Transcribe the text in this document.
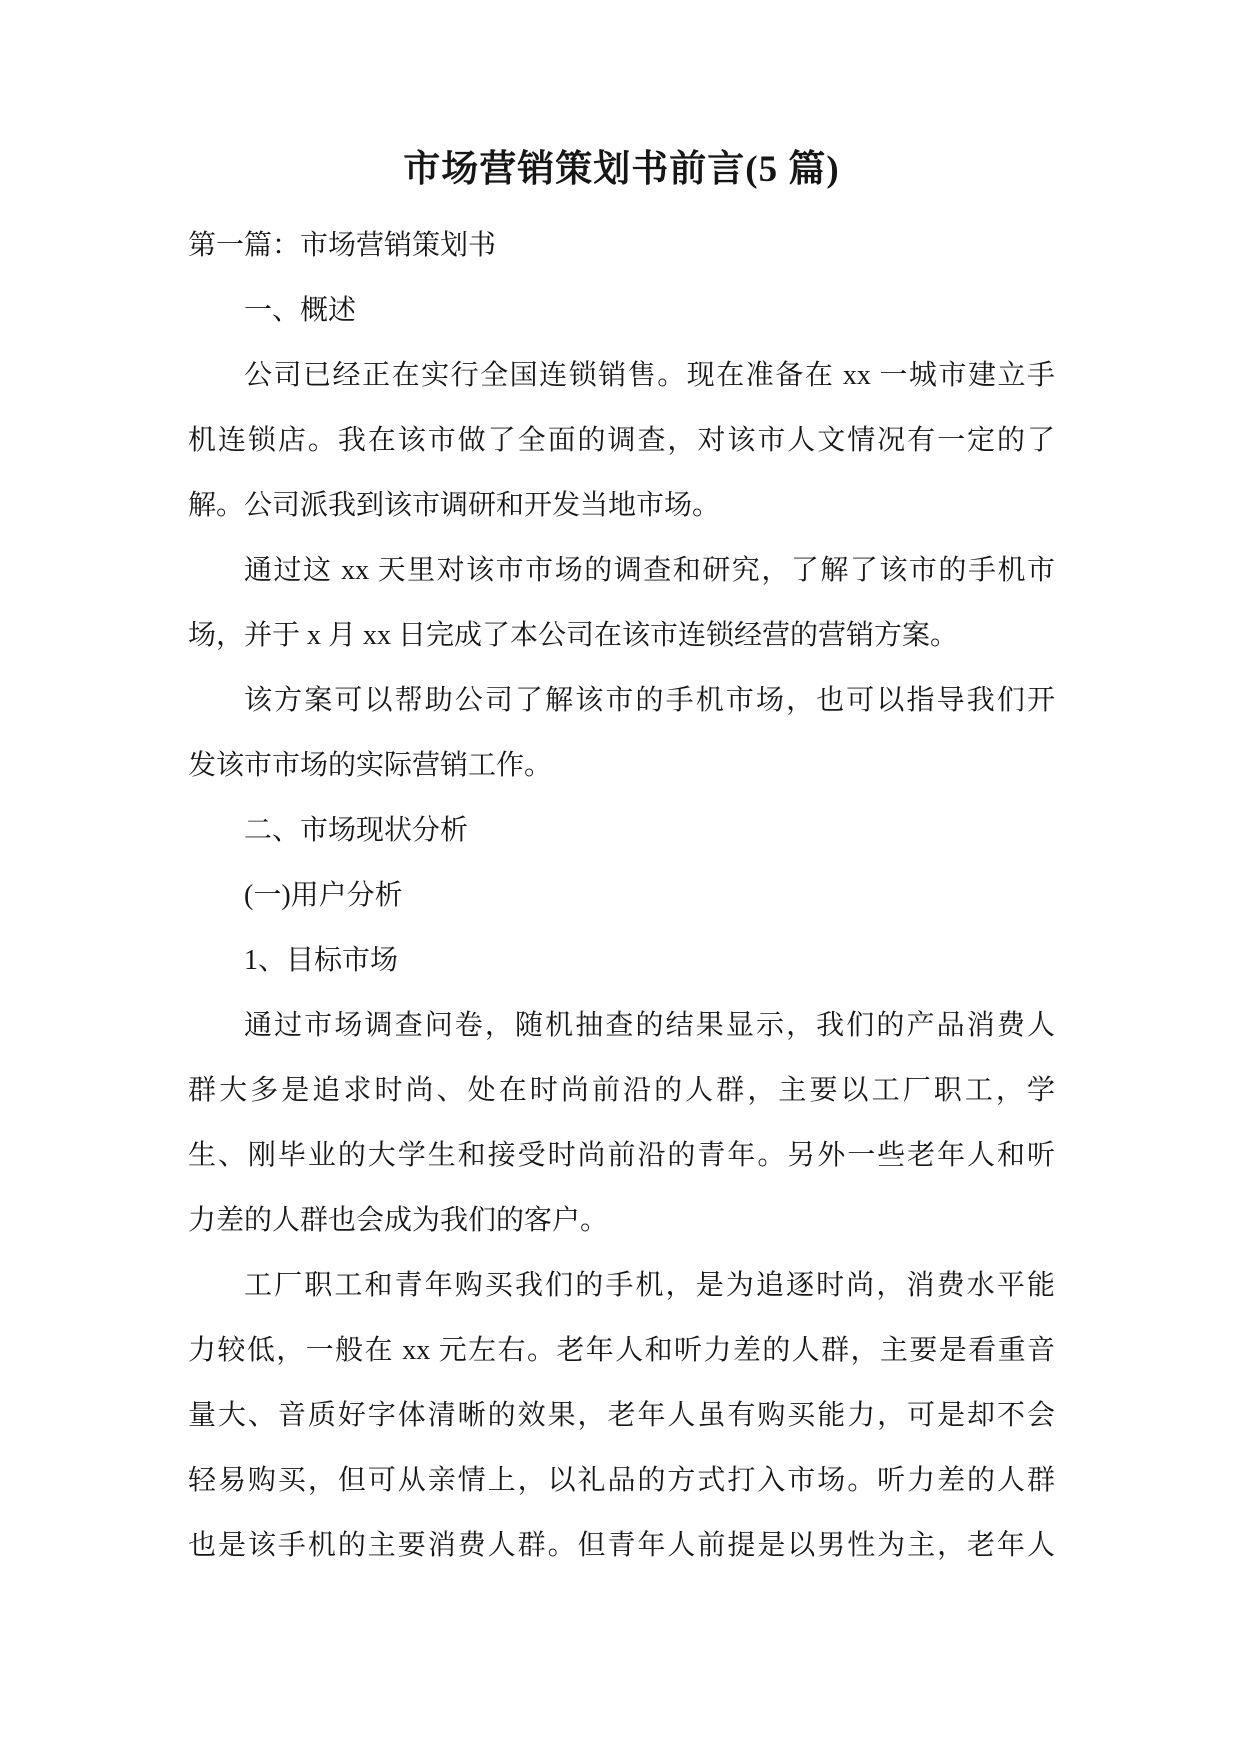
市场营销策划书前言(5 篇)
第一篇：市场营销策划书
一、概述
公司已经正在实行全国连锁销售。现在准备在 xx 一城市建立手
机连锁店。我在该市做了全面的调查，对该市人文情况有一定的了
解。公司派我到该市调研和开发当地市场。
通过这 xx 天里对该市市场的调查和研究，了解了该市的手机市
场，并于 x 月 xx 日完成了本公司在该市连锁经营的营销方案。
该方案可以帮助公司了解该市的手机市场，也可以指导我们开
发该市市场的实际营销工作。
二、市场现状分析
(一)用户分析
1、目标市场
通过市场调查问卷，随机抽查的结果显示，我们的产品消费人
群大多是追求时尚、处在时尚前沿的人群，主要以工厂职工，学
生、刚毕业的大学生和接受时尚前沿的青年。另外一些老年人和听
力差的人群也会成为我们的客户。
工厂职工和青年购买我们的手机，是为追逐时尚，消费水平能
力较低，一般在 xx 元左右。老年人和听力差的人群，主要是看重音
量大、音质好字体清晰的效果，老年人虽有购买能力，可是却不会
轻易购买，但可从亲情上，以礼品的方式打入市场。听力差的人群
也是该手机的主要消费人群。但青年人前提是以男性为主，老年人
